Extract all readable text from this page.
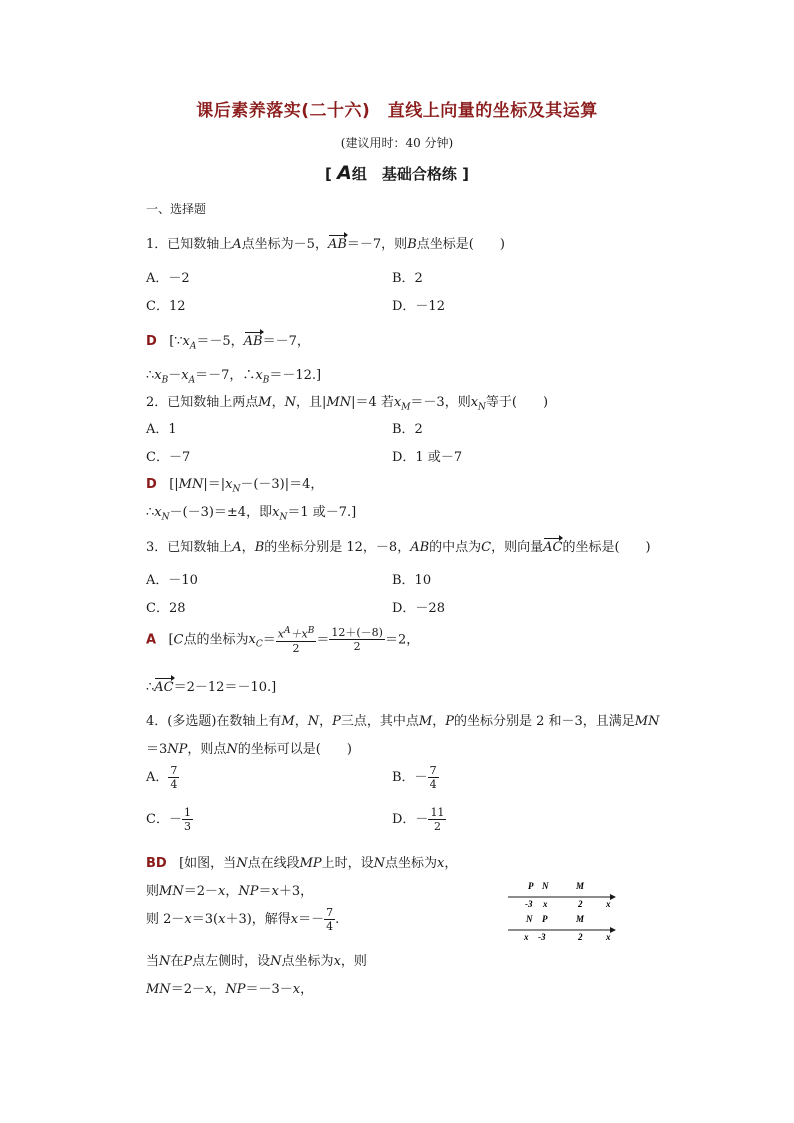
课后素养落实(二十六)　直线上向量的坐标及其运算
(建议用时：40 分钟)
[ A组　基础合格练 ]
一、选择题
1．已知数轴上A点坐标为－5，AB＝－7，则B点坐标是(　　)
A．－2	B．2
C．12	D．－12
D [$\because x_A=-5$，AB＝－7，
$\therefore x_B-x_A=-7$，$\therefore x_B=-12$.]
2．已知数轴上两点M，N，且|MN|＝4 若$x_M=-3$，则$x_N$等于(　　)
A．1	B．2
C．－7	D．1 或－7
D   [$|MN|=|x_N-(-3)|=4$，
$\therefore x_N-(-3)=\pm 4$，即$x_N=1$ 或－7.]
3．已知数轴上A，B的坐标分别是 12，－8，AB的中点为C，则向量AC的坐标是(　　)
A．－10	B．10
C．28	D．－28
A [C点的坐标为$x_C= \frac{x^A+x^B}{2} = \frac{12+(-8)}{2} =2$，
∴AC＝2－12＝－10.]
4．(多选题)在数轴上有M，N，P三点，其中点M，P的坐标分别是 2 和－3，且满足MN
＝3NP，则点N的坐标可以是(　　)
A． $\frac{7}{4}$	B．－ $\frac{7}{4}$
C．－ $\frac{1}{3}$	D．－ $\frac{11}{2}$
BD [如图，当N点在线段MP上时，设N点坐标为x，
则MN＝2－x，NP＝x＋3，
则 2－x＝3(x＋3)，解得$x=- \frac{7}{4}$ .
当N在P点左侧时，设N点坐标为x，则
MN＝2－x，NP＝－3－x，
P N	M
-3 x	2	x
N P	M
x -3	2	x
